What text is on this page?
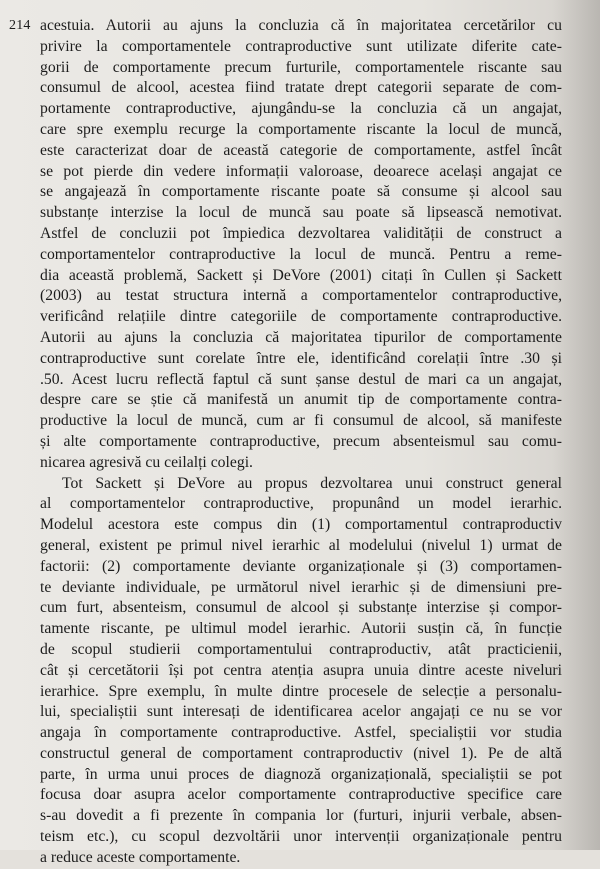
214 acestuia. Autorii au ajuns la concluzia că în majoritatea cercetărilor cu
privire la comportamentele contraproductive sunt utilizate diferite cate-
gorii de comportamente precum furturile, comportamentele riscante sau
consumul de alcool, acestea fiind tratate drept categorii separate de com-
portamente contraproductive, ajungându-se la concluzia că un angajat,
care spre exemplu recurge la comportamente riscante la locul de muncă,
este caracterizat doar de această categorie de comportamente, astfel încât
se pot pierde din vedere informații valoroase, deoarece același angajat ce
se angajează în comportamente riscante poate să consume și alcool sau
substanțe interzise la locul de muncă sau poate să lipsească nemotivat.
Astfel de concluzii pot împiedica dezvoltarea validității de construct a
comportamentelor contraproductive la locul de muncă. Pentru a reme-
dia această problemă, Sackett și DeVore (2001) citați în Cullen și Sackett
(2003) au testat structura internă a comportamentelor contraproductive,
verificând relațiile dintre categoriile de comportamente contraproductive.
Autorii au ajuns la concluzia că majoritatea tipurilor de comportamente
contraproductive sunt corelate între ele, identificând corelații între .30 și
.50. Acest lucru reflectă faptul că sunt șanse destul de mari ca un angajat,
despre care se știe că manifestă un anumit tip de comportamente contra-
productive la locul de muncă, cum ar fi consumul de alcool, să manifeste
și alte comportamente contraproductive, precum absenteismul sau comu-
nicarea agresivă cu ceilalți colegi.
Tot Sackett și DeVore au propus dezvoltarea unui construct general
al comportamentelor contraproductive, propunând un model ierarhic.
Modelul acestora este compus din (1) comportamentul contraproductiv
general, existent pe primul nivel ierarhic al modelului (nivelul 1) urmat de
factorii: (2) comportamente deviante organizaționale și (3) comportamen-
te deviante individuale, pe următorul nivel ierarhic și de dimensiuni pre-
cum furt, absenteism, consumul de alcool și substanțe interzise și compor-
tamente riscante, pe ultimul model ierarhic. Autorii susțin că, în funcție
de scopul studierii comportamentului contraproductiv, atât practicienii,
cât și cercetătorii își pot centra atenția asupra unuia dintre aceste niveluri
ierarhice. Spre exemplu, în multe dintre procesele de selecție a personalu-
lui, specialiștii sunt interesați de identificarea acelor angajați ce nu se vor
angaja în comportamente contraproductive. Astfel, specialiștii vor studia
constructul general de comportament contraproductiv (nivel 1). Pe de altă
parte, în urma unui proces de diagnoză organizațională, specialiștii se pot
focusa doar asupra acelor comportamente contraproductive specifice care
s-au dovedit a fi prezente în compania lor (furturi, injurii verbale, absen-
teism etc.), cu scopul dezvoltării unor intervenții organizaționale pentru
a reduce aceste comportamente.
